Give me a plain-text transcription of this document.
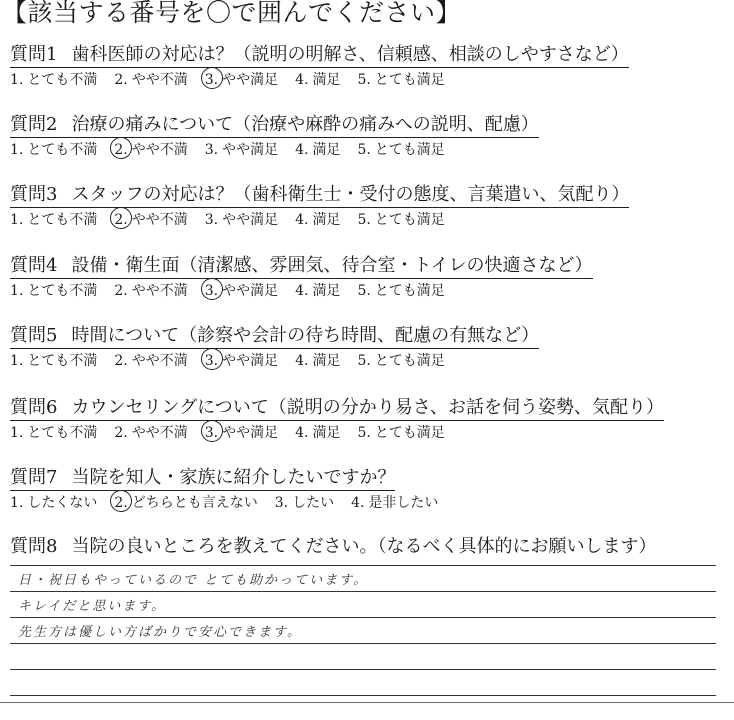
【該当する番号を〇で囲んでください】
質問1 歯科医師の対応は？（説明の明解さ、信頼感、相談のしやすさなど）
1. とても不満 2. やや不満 3. やや満足 4. 満足 5. とても満足
質問2 治療の痛みについて（治療や麻酔の痛みへの説明、配慮）
1. とても不満 2. やや不満 3. やや満足 4. 満足 5. とても満足
質問3 スタッフの対応は？（歯科衛生士・受付の態度、言葉遣い、気配り）
1. とても不満 2. やや不満 3. やや満足 4. 満足 5. とても満足
質問4 設備・衛生面（清潔感、雰囲気、待合室・トイレの快適さなど）
1. とても不満 2. やや不満 3. やや満足 4. 満足 5. とても満足
質問5 時間について（診察や会計の待ち時間、配慮の有無など）
1. とても不満 2. やや不満 3. やや満足 4. 満足 5. とても満足
質問6 カウンセリングについて（説明の分かり易さ、お話を伺う姿勢、気配り）
1. とても不満 2. やや不満 3. やや満足 4. 満足 5. とても満足
質問7 当院を知人・家族に紹介したいですか？
1. したくない 2. どちらとも言えない 3. したい 4. 是非したい
質問8 当院の良いところを教えてください。（なるべく具体的にお願いします）
日・祝日もやっているので とても助かっています。
キレイだと思います。
先生方は優しい方ばかりで安心できます。
